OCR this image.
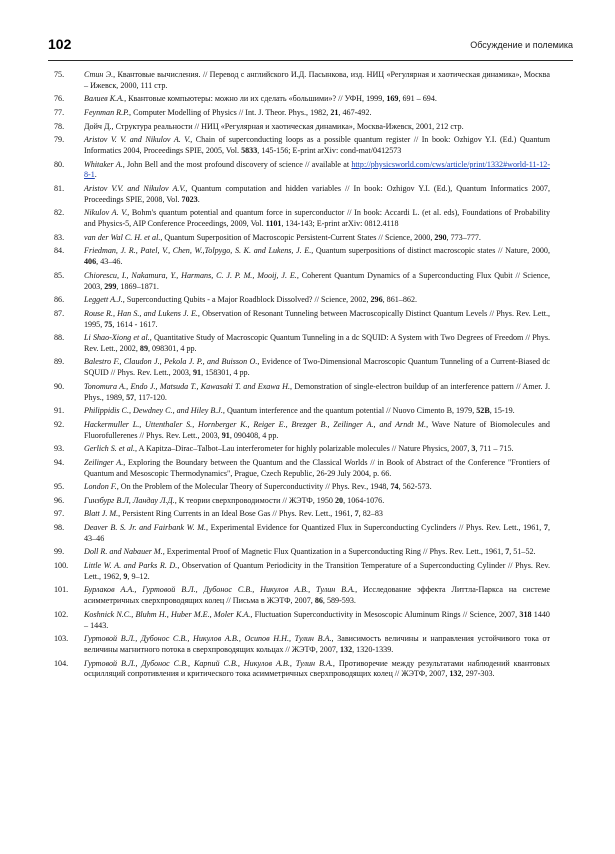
102	Обсуждение и полемика
75.	Стин Э., Квантовые вычисления. // Перевод с английского И.Д. Пасынкова, изд. НИЦ «Регулярная и хаотическая динамика», Москва – Ижевск, 2000, 111 стр.
76.	Валиев К.А., Квантовые компьютеры: можно ли их сделать «большими»? // УФН, 1999, 169, 691 – 694.
77.	Feynman R.P., Computer Modelling of Physics // Int. J. Theor. Phys., 1982, 21, 467-492.
78.	Дойч Д., Структура реальности // НИЦ «Регулярная и хаотическая динамика», Москва-Ижевск, 2001, 212 стр.
79.	Aristov V. V. and Nikulov A. V., Chain of superconducting loops as a possible quantum register // In book: Ozhigov Y.I. (Ed.) Quantum Informatics 2004, Proceedings SPIE, 2005, Vol. 5833, 145-156; E-print arXiv: cond-mat/0412573
80.	Whitaker A., John Bell and the most profound discovery of science // available at http://physicsworld.com/cws/article/print/1332#world-11-12-8-1.
81.	Aristov V.V. and Nikulov A.V., Quantum computation and hidden variables // In book: Ozhigov Y.I. (Ed.), Quantum Informatics 2007, Proceedings SPIE, 2008, Vol. 7023.
82.	Nikulov A. V., Bohm's quantum potential and quantum force in superconductor // In book: Accardi L. (et al. eds), Foundations of Probability and Physics-5, AIP Conference Proceedings, 2009, Vol. 1101, 134-143; E-print arXiv: 0812.4118
83.	van der Wal C. H. et al., Quantum Superposition of Macroscopic Persistent-Current States // Science, 2000, 290, 773–777.
84.	Friedman, J. R., Patel, V., Chen, W.,Tolpygo, S. K. and Lukens, J. E., Quantum superpositions of distinct macroscopic states // Nature, 2000, 406, 43–46.
85.	Chiorescu, I., Nakamura, Y., Harmans, C. J. P. M., Mooij, J. E., Coherent Quantum Dynamics of a Superconducting Flux Qubit // Science, 2003, 299, 1869–1871.
86.	Leggett A.J., Superconducting Qubits - a Major Roadblock Dissolved? // Science, 2002, 296, 861–862.
87.	Rouse R., Han S., and Lukens J. E., Observation of Resonant Tunneling between Macroscopically Distinct Quantum Levels // Phys. Rev. Lett., 1995, 75, 1614 - 1617.
88.	Li Shao-Xiong et al., Quantitative Study of Macroscopic Quantum Tunneling in a dc SQUID: A System with Two Degrees of Freedom // Phys. Rev. Lett., 2002, 89, 098301, 4 pp.
89.	Balestro F., Claudon J., Pekola J. P., and Buisson O., Evidence of Two-Dimensional Macroscopic Quantum Tunneling of a Current-Biased dc SQUID // Phys. Rev. Lett., 2003, 91, 158301, 4 pp.
90.	Tonomura A., Endo J., Matsuda T., Kawasaki T. and Exawa H., Demonstration of single-electron buildup of an interference pattern // Amer. J. Phys., 1989, 57, 117-120.
91.	Philippidis C., Dewdney C., and Hiley B.J., Quantum interference and the quantum potential // Nuovo Cimento B, 1979, 52B, 15-19.
92.	Hackermuller L., Uttenthaler S., Hornberger K., Reiger E., Brezger B., Zeilinger A., and Arndt M., Wave Nature of Biomolecules and Fluorofullerenes // Phys. Rev. Lett., 2003, 91, 090408, 4 pp.
93.	Gerlich S. et al., A Kapitza–Dirac–Talbot–Lau interferometer for highly polarizable molecules // Nature Physics, 2007, 3, 711 – 715.
94.	Zeilinger A., Exploring the Boundary between the Quantum and the Classical Worlds // in Book of Abstract of the Conference "Frontiers of Quantum and Mesoscopic Thermodynamics", Prague, Czech Republic, 26-29 July 2004, p. 66.
95.	London F., On the Problem of the Molecular Theory of Superconductivity // Phys. Rev., 1948, 74, 562-573.
96.	Гинзбург В.Л, Ландау Л.Д., К теории сверхпроводимости // ЖЭТФ, 1950 20, 1064-1076.
97.	Blatt J. M., Persistent Ring Currents in an Ideal Bose Gas // Phys. Rev. Lett., 1961, 7, 82–83
98.	Deaver B. S. Jr. and Fairbank W. M., Experimental Evidence for Quantized Flux in Superconducting Cyclinders // Phys. Rev. Lett., 1961, 7, 43–46
99.	Doll R. and Nabauer M., Experimental Proof of Magnetic Flux Quantization in a Superconducting Ring // Phys. Rev. Lett., 1961, 7, 51–52.
100.	Little W. A. and Parks R. D., Observation of Quantum Periodicity in the Transition Temperature of a Superconducting Cylinder // Phys. Rev. Lett., 1962, 9, 9–12.
101.	Бурлаков А.А., Гуртовой В.Л., Дубонос С.В., Никулов А.В., Тулин В.А., Исследование эффекта Литтла-Паркса на системе асимметричных сверхпроводящих колец // Письма в ЖЭТФ, 2007, 86, 589-593.
102.	Koshnick N.C., Bluhm H., Huber M.E., Moler K.A., Fluctuation Superconductivity in Mesoscopic Aluminum Rings // Science, 2007, 318 1440 – 1443.
103.	Гуртовой В.Л., Дубонос С.В., Никулов А.В., Осипов Н.Н., Тулин В.А., Зависимость величины и направления устойчивого тока от величины магнитного потока в сверхпроводящих кольцах // ЖЭТФ, 2007, 132, 1320-1339.
104.	Гуртовой В.Л., Дубонос С.В., Карпий С.В., Никулов А.В., Тулин В.А., Противоречие между результатами наблюдений квантовых осцилляций сопротивления и критического тока асимметричных сверхпроводящих колец // ЖЭТФ, 2007, 132, 297-303.
